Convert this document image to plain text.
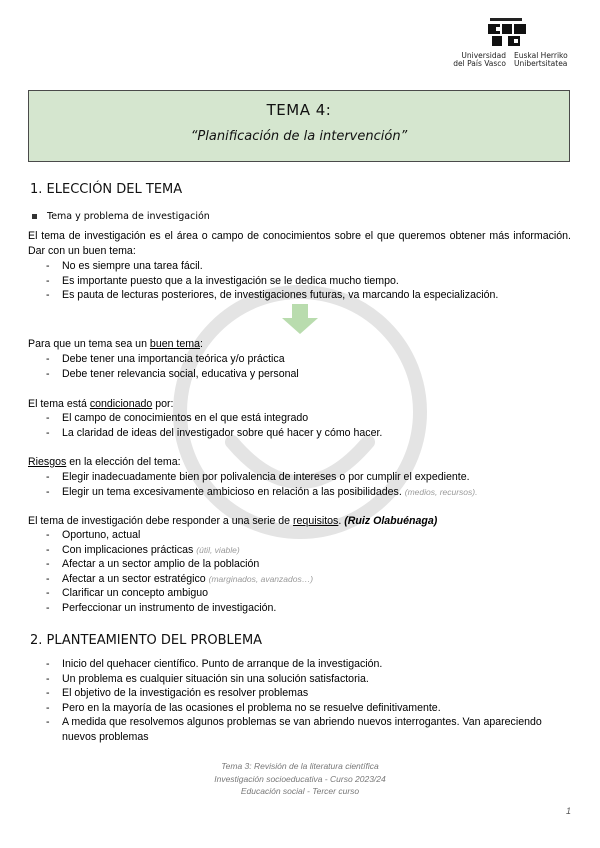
Universidad
del País Vasco
Euskal Herriko
Unibertsitatea
TEMA 4:
“Planificación de la intervención”
1. ELECCIÓN DEL TEMA
Tema y problema de investigación
El tema de investigación es el área o campo de conocimientos sobre el que queremos obtener más información. Dar con un buen tema:
- No es siempre una tarea fácil.
- Es importante puesto que a la investigación se le dedica mucho tiempo.
- Es pauta de lecturas posteriores, de investigaciones futuras, va marcando la especialización.
Para que un tema sea un buen tema:
- Debe tener una importancia teórica y/o práctica
- Debe tener relevancia social, educativa y personal
El tema está condicionado por:
- El campo de conocimientos en el que está integrado
- La claridad de ideas del investigador sobre qué hacer y cómo hacer.
Riesgos en la elección del tema:
- Elegir inadecuadamente bien por polivalencia de intereses o por cumplir el expediente.
- Elegir un tema excesivamente ambicioso en relación a las posibilidades. (medios, recursos).
El tema de investigación debe responder a una serie de requisitos. (Ruiz Olabuénaga)
- Oportuno, actual
- Con implicaciones prácticas (útil, viable)
- Afectar a un sector amplio de la población
- Afectar a un sector estratégico (marginados, avanzados…)
- Clarificar un concepto ambiguo
- Perfeccionar un instrumento de investigación.
2. PLANTEAMIENTO DEL PROBLEMA
- Inicio del quehacer científico. Punto de arranque de la investigación.
- Un problema es cualquier situación sin una solución satisfactoria.
- El objetivo de la investigación es resolver problemas
- Pero en la mayoría de las ocasiones el problema no se resuelve definitivamente.
- A medida que resolvemos algunos problemas se van abriendo nuevos interrogantes. Van apareciendo nuevos problemas
Tema 3: Revisión de la literatura científica
Investigación socioeducativa - Curso 2023/24
Educación social - Tercer curso
1
